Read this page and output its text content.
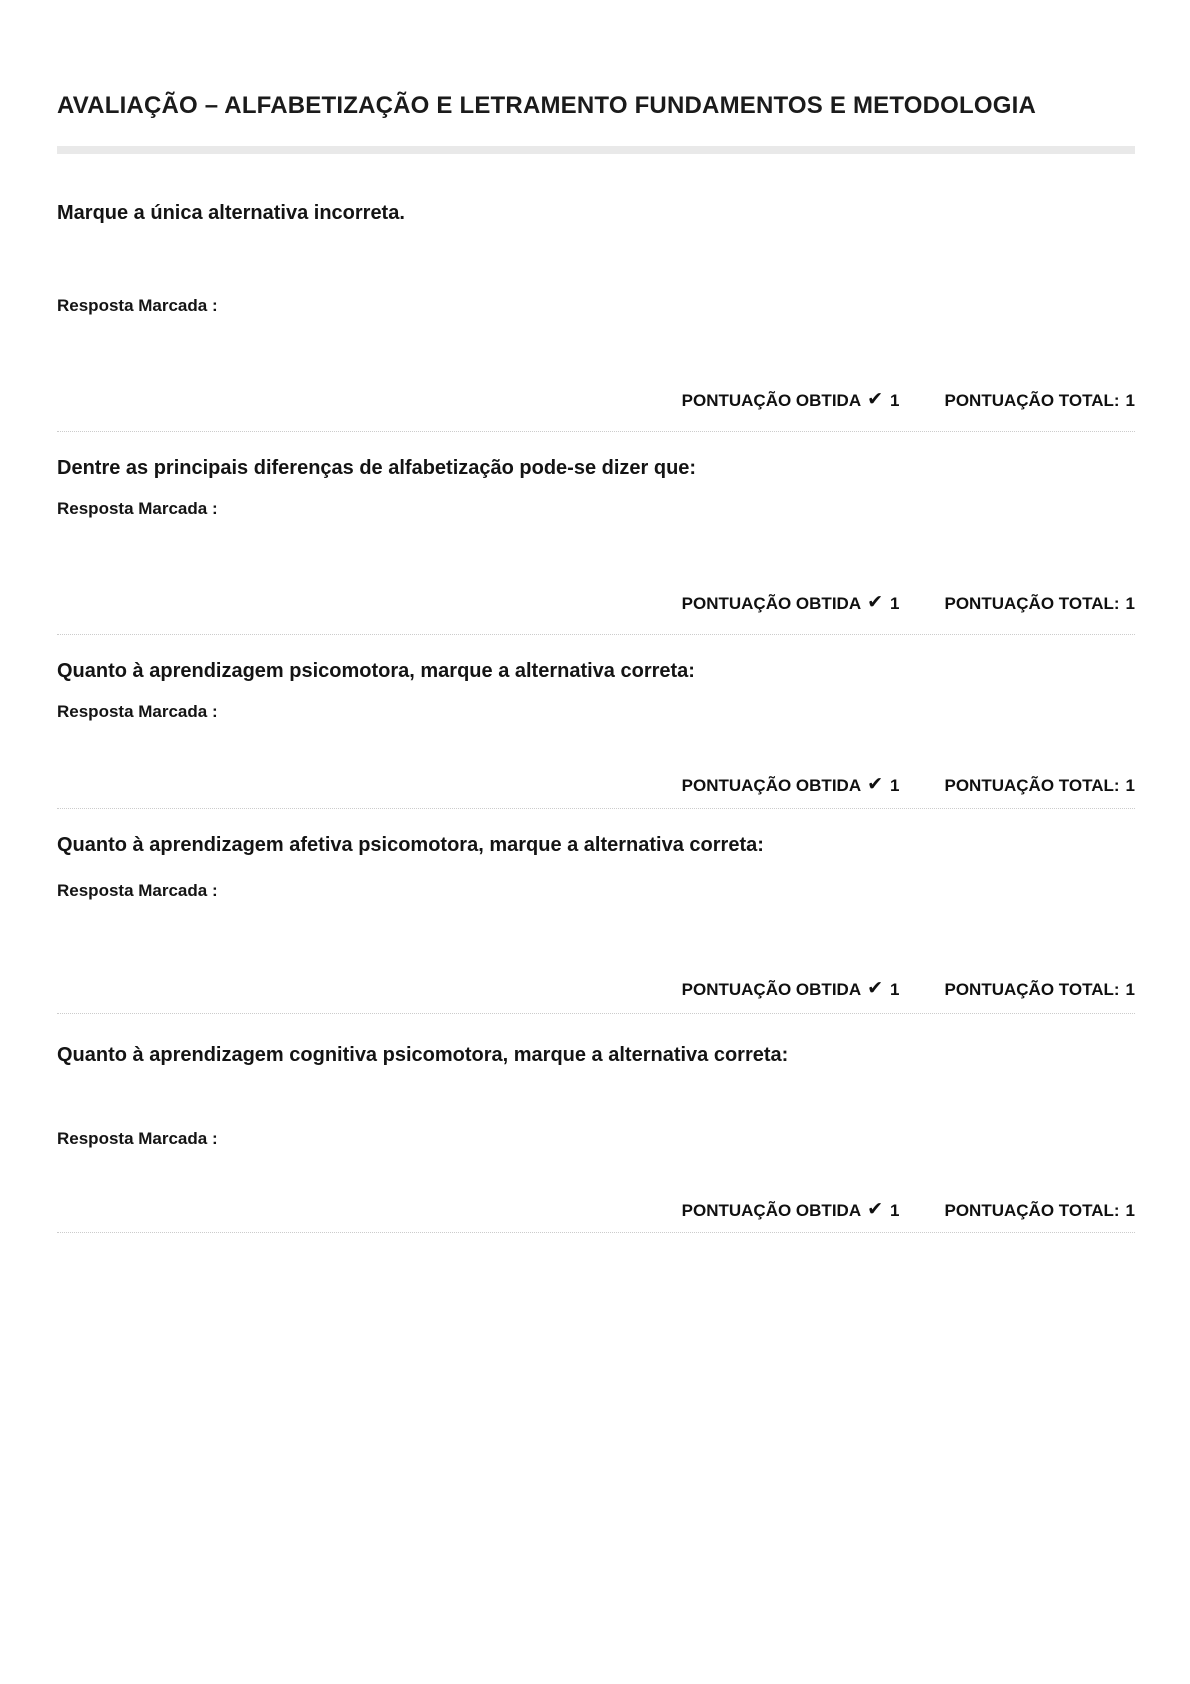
AVALIAÇÃO – ALFABETIZAÇÃO E LETRAMENTO FUNDAMENTOS E METODOLOGIA
Marque a única alternativa incorreta.
Resposta Marcada :
PONTUAÇÃO OBTIDA ✔ 1	PONTUAÇÃO TOTAL: 1
Dentre as principais diferenças de alfabetização pode-se dizer que:
Resposta Marcada :
PONTUAÇÃO OBTIDA ✔ 1	PONTUAÇÃO TOTAL: 1
Quanto à aprendizagem psicomotora, marque a alternativa correta:
Resposta Marcada :
PONTUAÇÃO OBTIDA ✔ 1	PONTUAÇÃO TOTAL: 1
Quanto à aprendizagem afetiva psicomotora, marque a alternativa correta:
Resposta Marcada :
PONTUAÇÃO OBTIDA ✔ 1	PONTUAÇÃO TOTAL: 1
Quanto à aprendizagem cognitiva psicomotora, marque a alternativa correta:
Resposta Marcada :
PONTUAÇÃO OBTIDA ✔ 1	PONTUAÇÃO TOTAL: 1
